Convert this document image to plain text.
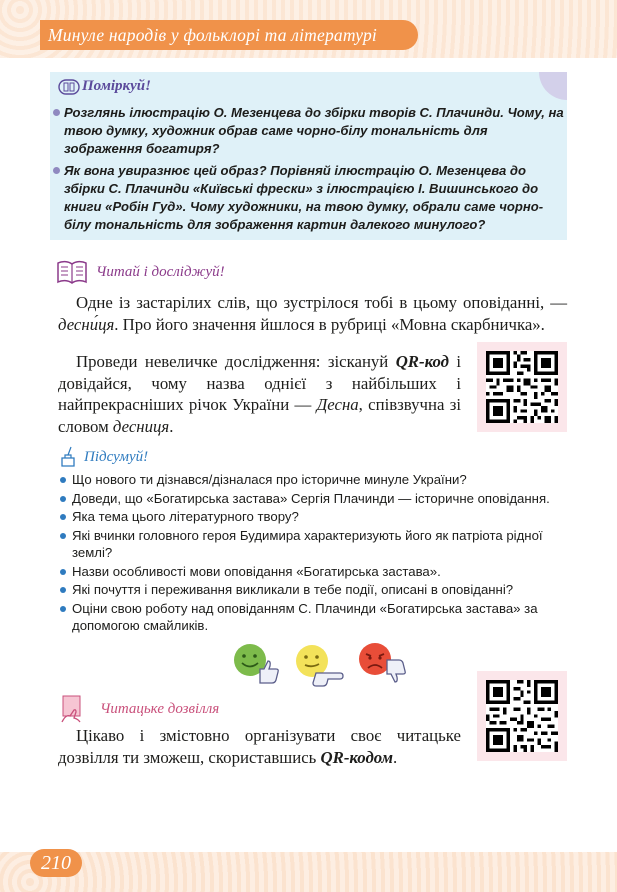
Минуле народів у фольклорі та літературі
Поміркуй!
Розглянь ілюстрацію О. Мезенцева до збірки творів С. Плачинди. Чому, на твою думку, художник обрав саме чорно-білу тональність для зображення богатиря?
Як вона увиразнює цей образ? Порівняй ілюстрацію О. Мезенцева до збірки С. Плачинди «Київські фрески» з ілюстрацією І. Вишинського до книги «Робін Гуд». Чому художники, на твою думку, обрали саме чорно-білу тональність для зображення картин далекого минулого?
Читай і досліджуй!

Одне із застарілих слів, що зустрілося тобі в цьому оповіданні, — десни́ця. Про його значення йшлося в рубриці «Мовна скарбничка».

Проведи невеличке дослідження: зіскануй QR-код і довідайся, чому назва однієї з найбільших і найпрекрасніших річок України — Десна, співзвучна зі словом десниця.

Підсумуй!
Що нового ти дізнався/дізналася про історичне минуле України?
Доведи, що «Богатирська застава» Сергія Плачинди — історичне оповідання.
Яка тема цього літературного твору?
Які вчинки головного героя Будимира характеризують його як патріота рідної землі?
Назви особливості мови оповідання «Богатирська застава».
Які почуття і переживання викликали в тебе події, описані в оповіданні?
Оціни свою роботу над оповіданням С. Плачинди «Богатирська застава» за допомогою смайликів.
Читацьке дозвілля

Цікаво і змістовно організувати своє читацьке дозвілля ти зможеш, скориставшись QR-кодом.

210
